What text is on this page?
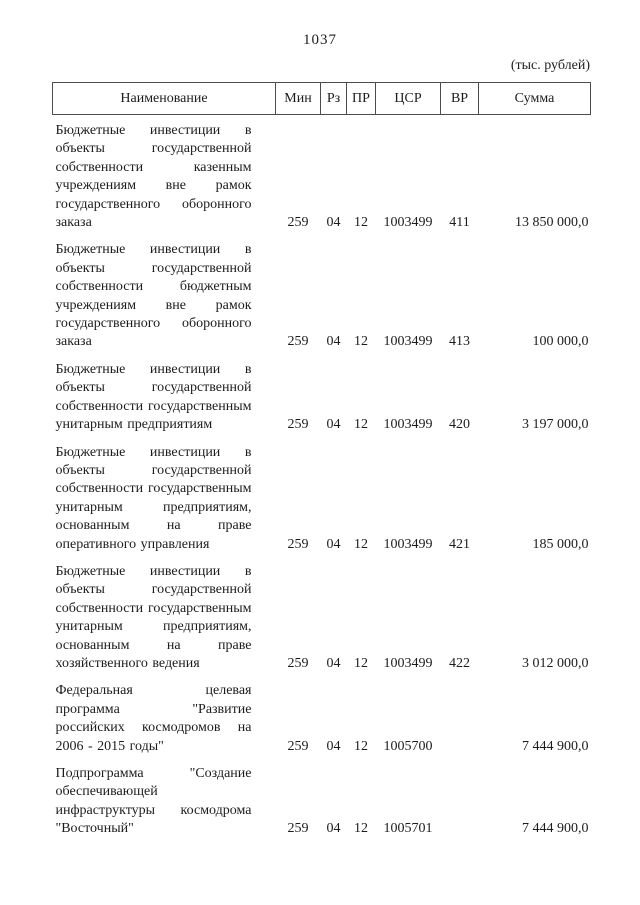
1037
(тыс. рублей)
Наименование	Мин	Рз	ПР	ЦСР	ВР	Сумма
Бюджетные инвестиции в объекты государственной собственности казенным учреждениям вне рамок государственного оборонного заказа	259	04	12	1003499	411	13 850 000,0
Бюджетные инвестиции в объекты государственной собственности бюджетным учреждениям вне рамок государственного оборонного заказа	259	04	12	1003499	413	100 000,0
Бюджетные инвестиции в объекты государственной собственности государственным унитарным предприятиям	259	04	12	1003499	420	3 197 000,0
Бюджетные инвестиции в объекты государственной собственности государственным унитарным предприятиям, основанным на праве оперативного управления	259	04	12	1003499	421	185 000,0
Бюджетные инвестиции в объекты государственной собственности государственным унитарным предприятиям, основанным на праве хозяйственного ведения	259	04	12	1003499	422	3 012 000,0
Федеральная целевая программа "Развитие российских космодромов на 2006 - 2015 годы"	259	04	12	1005700		7 444 900,0
Подпрограмма "Создание обеспечивающей инфраструктуры космодрома "Восточный"	259	04	12	1005701		7 444 900,0
